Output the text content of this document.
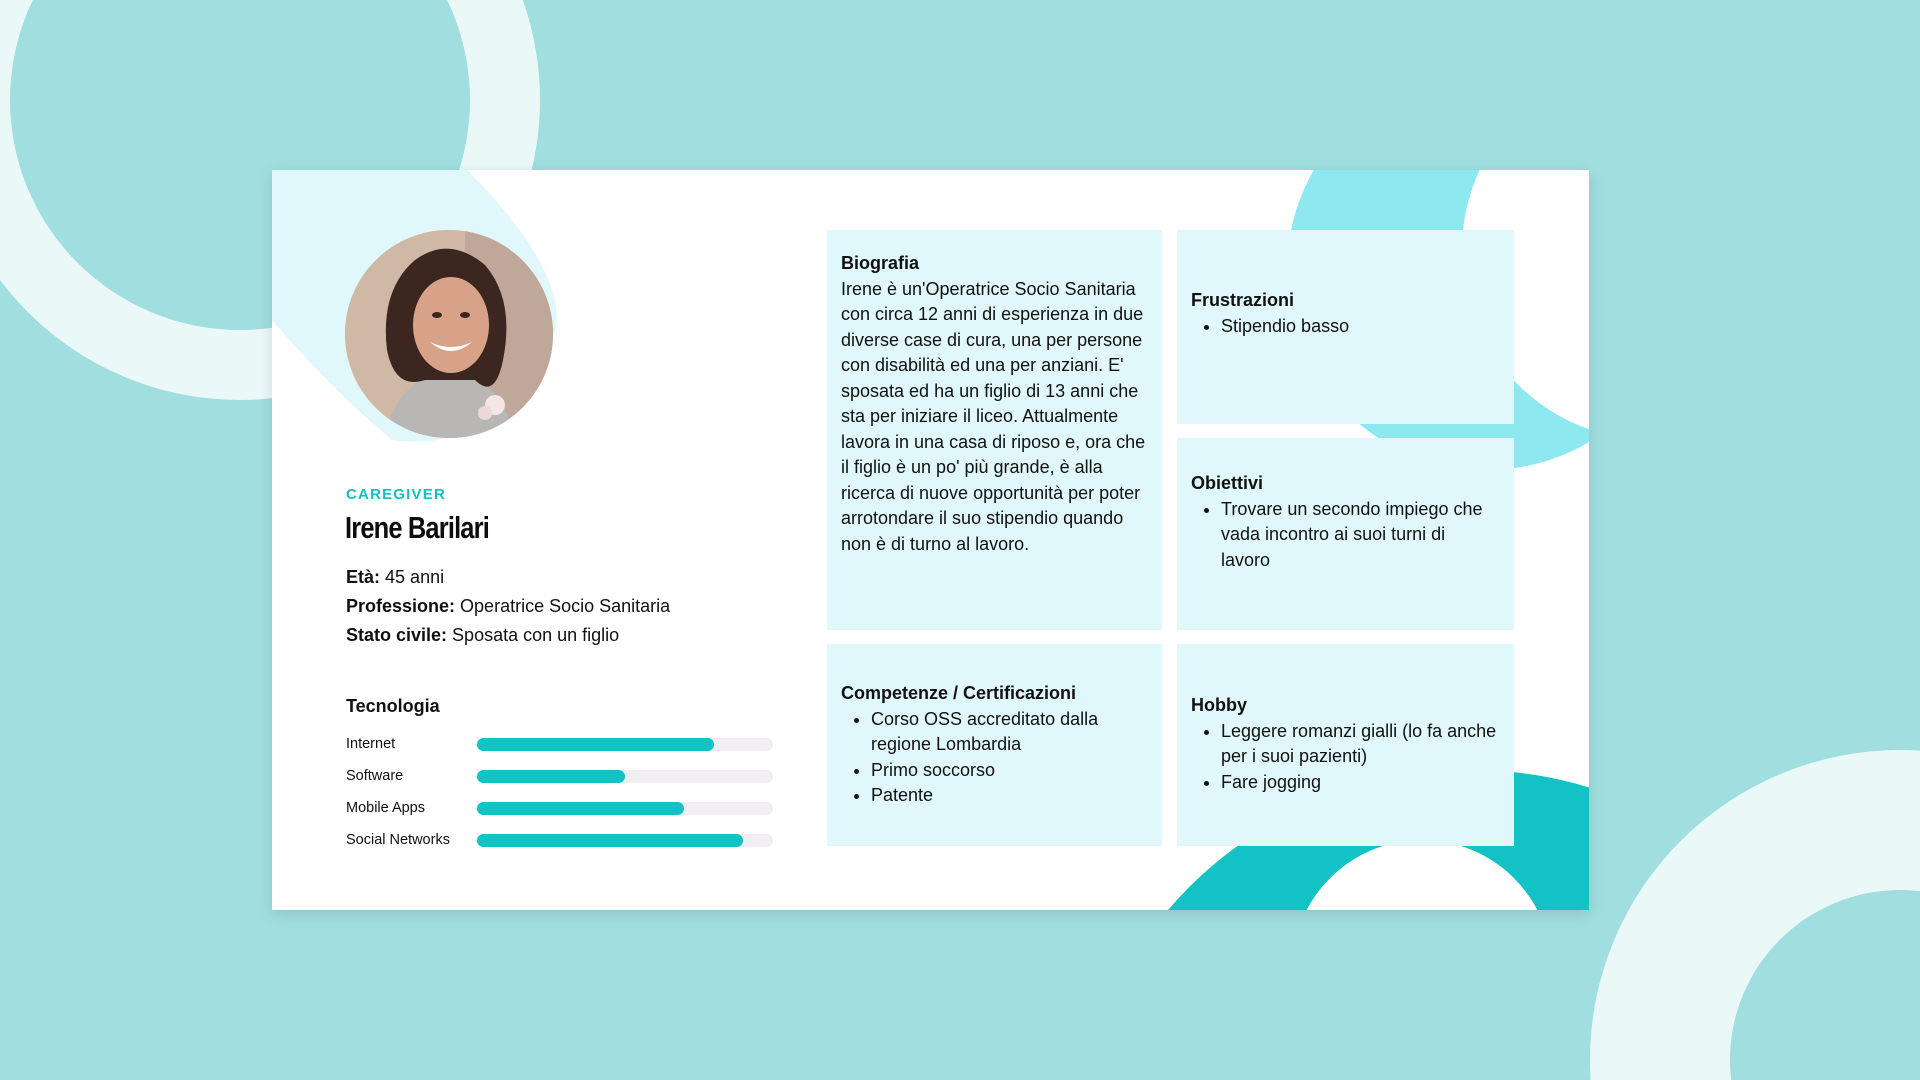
CAREGIVER
Irene Barilari
Età: 45 anni
Professione: Operatrice Socio Sanitaria
Stato civile: Sposata con un figlio
Tecnologia
Internet
Software
Mobile Apps
Social Networks
Biografia

Irene è un'Operatrice Socio Sanitaria con circa 12 anni di esperienza in due diverse case di cura, una per persone con disabilità ed una per anziani. E' sposata ed ha un figlio di 13 anni che sta per iniziare il liceo. Attualmente lavora in una casa di riposo e, ora che il figlio è un po' più grande, è alla ricerca di nuove opportunità per poter arrotondare il suo stipendio quando non è di turno al lavoro.

Frustrazioni
• Stipendio basso
Obiettivi
• Trovare un secondo impiego che vada incontro ai suoi turni di lavoro
Competenze / Certificazioni
• Corso OSS accreditato dalla regione Lombardia
• Primo soccorso
• Patente
Hobby
• Leggere romanzi gialli (lo fa anche per i suoi pazienti)
• Fare jogging
